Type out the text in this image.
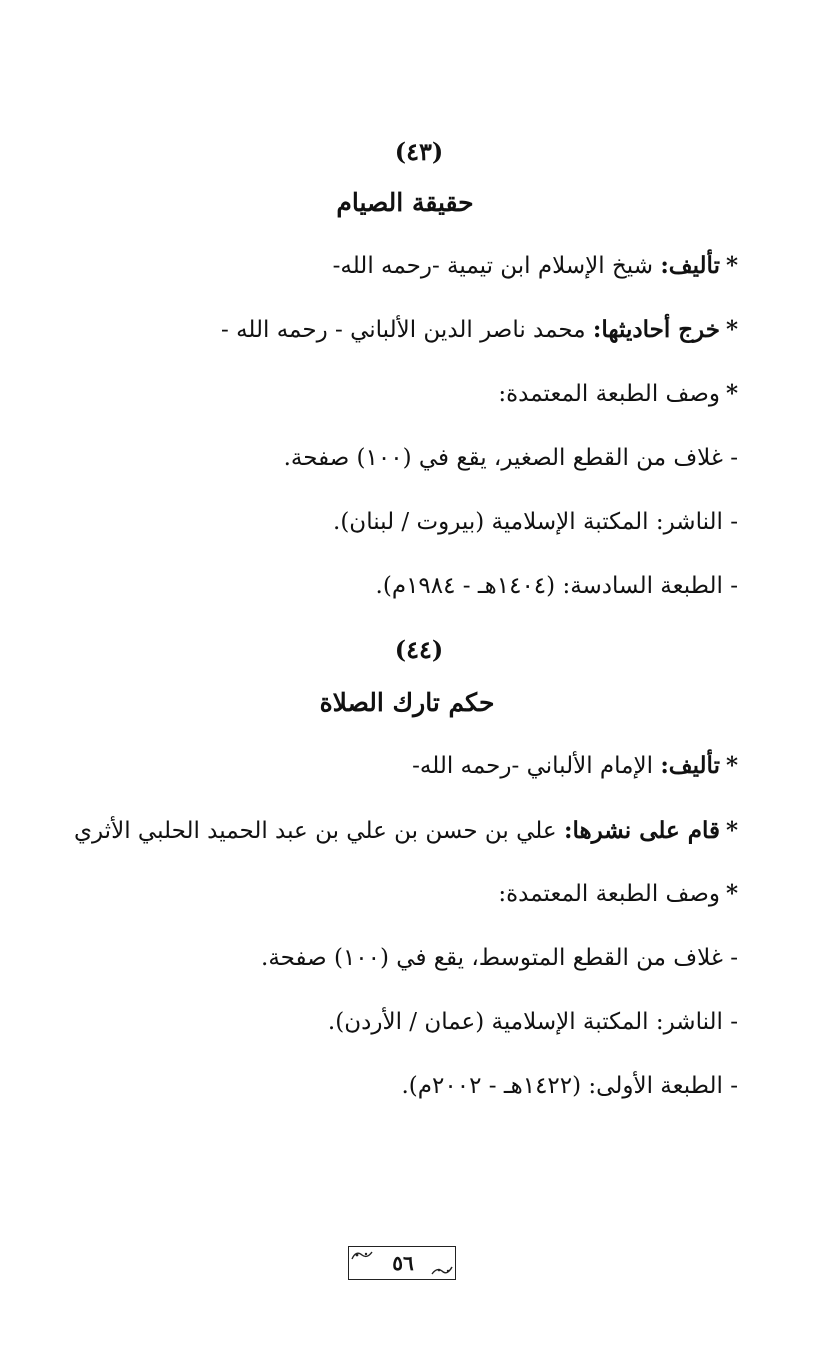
(٤٣)
حقيقة الصيام
*تأليف: شيخ الإسلام ابن تيمية -رحمه الله-
*خرج أحاديثها: محمد ناصر الدين الألباني - رحمه الله -
*وصف الطبعة المعتمدة:
- غلاف من القطع الصغير، يقع في (١٠٠) صفحة.
- الناشر: المكتبة الإسلامية (بيروت / لبنان).
- الطبعة السادسة: (١٤٠٤هـ - ١٩٨٤م).
(٤٤)
حكم تارك الصلاة
*تأليف: الإمام الألباني -رحمه الله-
*قام على نشرها: علي بن حسن بن علي بن عبد الحميد الحلبي الأثري
*وصف الطبعة المعتمدة:
- غلاف من القطع المتوسط، يقع في (١٠٠) صفحة.
- الناشر: المكتبة الإسلامية (عمان / الأردن).
- الطبعة الأولى: (١٤٢٢هـ - ٢٠٠٢م).
٥٦
